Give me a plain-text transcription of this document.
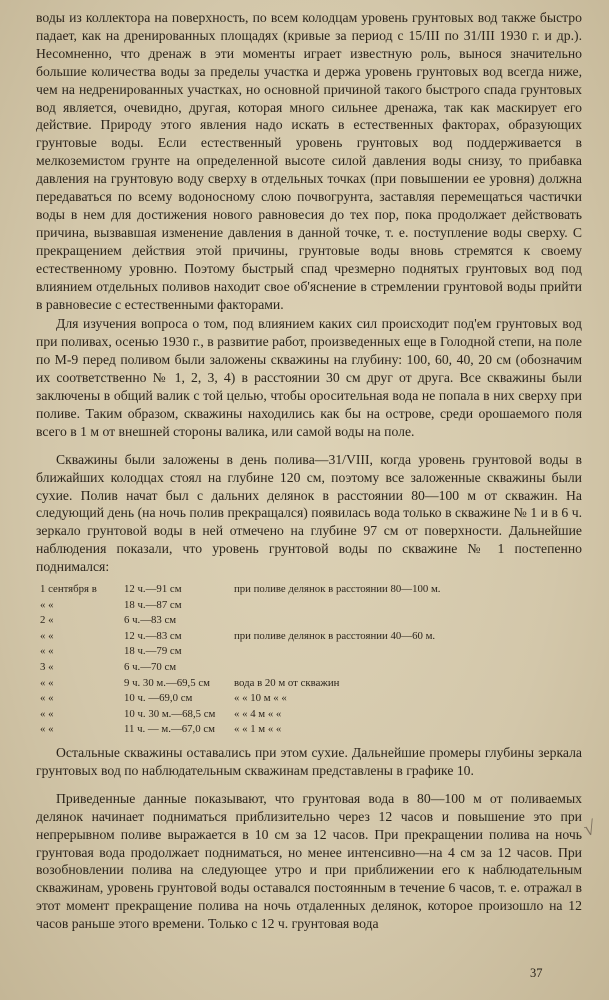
воды из коллектора на поверхность, по всем колодцам уровень грунтовых вод также быстро падает, как на дренированных площадях (кривые за период с 15/III по 31/III 1930 г. и др.). Несомненно, что дренаж в эти моменты играет известную роль, вынося значительно большие количества воды за пределы участка и держа уровень грунтовых вод всегда ниже, чем на недренированных участках, но основной причиной такого быстрого спада грунтовых вод является, очевидно, другая, которая много сильнее дренажа, так как маскирует его действие. Природу этого явления надо искать в естественных факторах, образующих грунтовые воды. Если естественный уровень грунтовых вод поддерживается в мелкоземистом грунте на определенной высоте силой давления воды снизу, то прибавка давления на грунтовую воду сверху в отдельных точках (при повышении ее уровня) должна передаваться по всему водоносному слою почвогрунта, заставляя перемещаться частички воды в нем для достижения нового равновесия до тех пор, пока продолжает действовать причина, вызвавшая изменение давления в данной точке, т. е. поступление воды сверху. С прекращением действия этой причины, грунтовые воды вновь стремятся к своему естественному уровню. Поэтому быстрый спад чрезмерно поднятых грунтовых вод под влиянием отдельных поливов находит свое об'яснение в стремлении грунтовой воды прийти в равновесие с естественными факторами.

Для изучения вопроса о том, под влиянием каких сил происходит под'ем грунтовых вод при поливах, осенью 1930 г., в развитие работ, произведенных еще в Голодной степи, на поле по М-9 перед поливом были заложены скважины на глубину: 100, 60, 40, 20 см (обозначим их соответственно № 1, 2, 3, 4) в расстоянии 30 см друг от друга. Все скважины были заключены в общий валик с той целью, чтобы оросительная вода не попала в них сверху при поливе. Таким образом, скважины находились как бы на острове, среди орошаемого поля всего в 1 м от внешней стороны валика, или самой воды на поле.

Скважины были заложены в день полива—31/VIII, когда уровень грунтовой воды в ближайших колодцах стоял на глубине 120 см, поэтому все заложенные скважины были сухие. Полив начат был с дальних делянок в расстоянии 80—100 м от скважин. На следующий день (на ночь полив прекращался) появилась вода только в скважине № 1 и в 6 ч. зеркало грунтовой воды в ней отмечено на глубине 97 см от поверхности. Дальнейшие наблюдения показали, что уровень грунтовой воды по скважине № 1 постепенно поднимался:

1 сентября в	12 ч.—91 см	при поливе делянок в расстоянии 80—100 м.
« «	18 ч.—87 см	
2 «	6 ч.—83 см	
« «	12 ч.—83 см	при поливе делянок в расстоянии 40—60 м.
« «	18 ч.—79 см	
3 «	6 ч.—70 см	
« «	9 ч. 30 м.—69,5 см	вода в 20 м от скважин
« «	10 ч. —69,0 см	« « 10 м « «
« «	10 ч. 30 м.—68,5 см	« « 4 м « «
« «	11 ч. — м.—67,0 см	« « 1 м « «

Остальные скважины оставались при этом сухие. Дальнейшие промеры глубины зеркала грунтовых вод по наблюдательным скважинам представлены в графике 10.

Приведенные данные показывают, что грунтовая вода в 80—100 м от поливаемых делянок начинает подниматься приблизительно через 12 часов и повышение это при непрерывном поливе выражается в 10 см за 12 часов. При прекращении полива на ночь грунтовая вода продолжает подниматься, но менее интенсивно—на 4 см за 12 часов. При возобновлении полива на следующее утро и при приближении его к наблюдательным скважинам, уровень грунтовой воды оставался постоянным в течение 6 часов, т. е. отражал в этот момент прекращение полива на ночь отдаленных делянок, которое произошло на 12 часов раньше этого времени. Только с 12 ч. грунтовая вода

√
37
